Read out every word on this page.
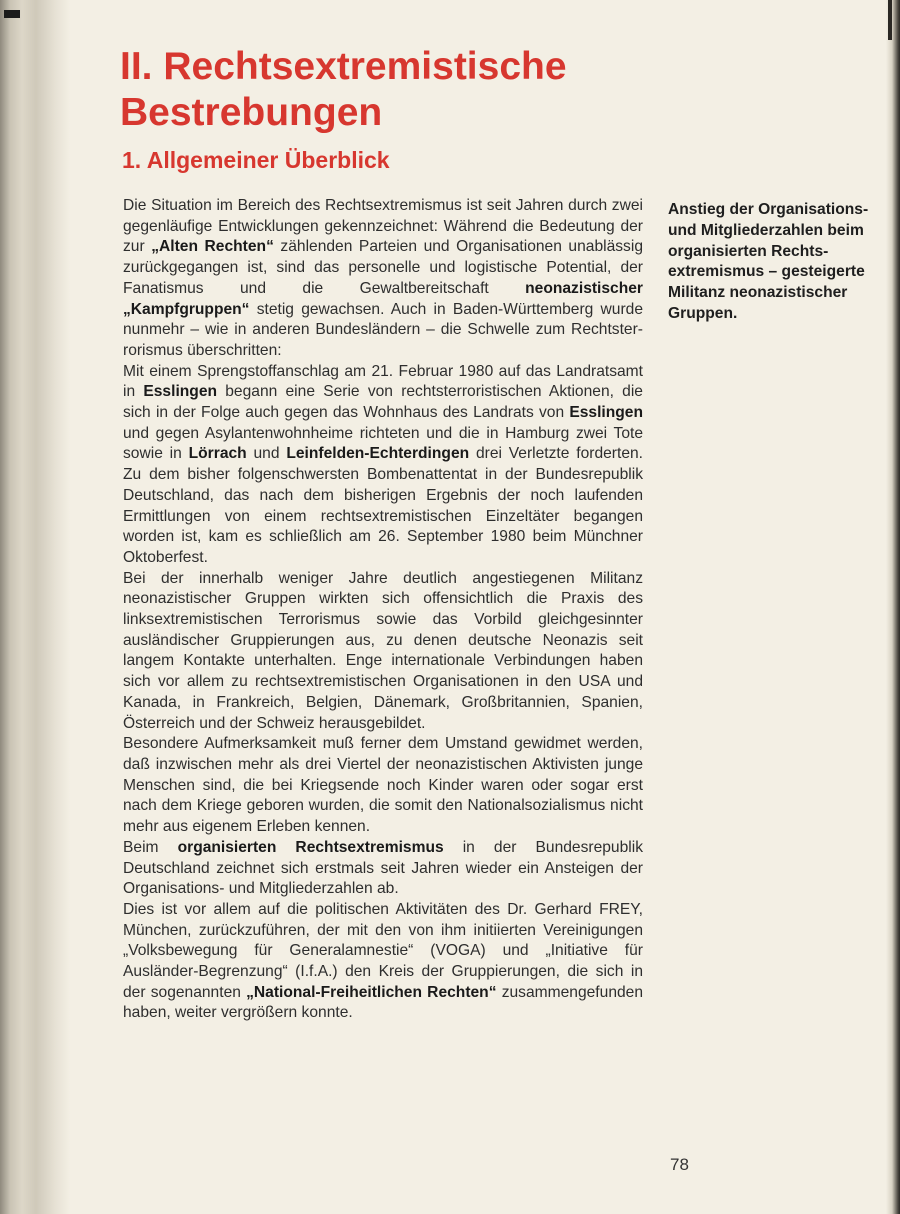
II. Rechtsextremistische
Bestrebungen
1. Allgemeiner Überblick

Die Situation im Bereich des Rechtsextremismus ist seit Jahren durch zwei gegenläufige Entwicklungen gekennzeichnet: Während die Bedeutung der zur „Alten Rechten“ zählenden Parteien und Organisationen unablässig zurückgegangen ist, sind das personelle und logistische Potential, der Fanatismus und die Gewaltbereitschaft neonazistischer „Kampfgruppen“ stetig gewachsen. Auch in Baden-Württemberg wurde nunmehr – wie in anderen Bundesländern – die Schwelle zum Rechtsterrorismus überschritten:

Mit einem Sprengstoffanschlag am 21. Februar 1980 auf das Landratsamt in Esslingen begann eine Serie von rechtsterroristischen Aktionen, die sich in der Folge auch gegen das Wohnhaus des Landrats von Esslingen und gegen Asylantenwohnheime richteten und die in Hamburg zwei Tote sowie in Lörrach und Leinfelden-Echterdingen drei Verletzte forderten. Zu dem bisher folgenschwersten Bombenattentat in der Bundesrepublik Deutschland, das nach dem bisherigen Ergebnis der noch laufenden Ermittlungen von einem rechtsextremistischen Einzeltäter begangen worden ist, kam es schließlich am 26. September 1980 beim Münchner Oktoberfest.

Bei der innerhalb weniger Jahre deutlich angestiegenen Militanz neonazistischer Gruppen wirkten sich offensichtlich die Praxis des linksextremistischen Terrorismus sowie das Vorbild gleichgesinnter ausländischer Gruppierungen aus, zu denen deutsche Neonazis seit langem Kontakte unterhalten. Enge internationale Verbindungen haben sich vor allem zu rechtsextremistischen Organisationen in den USA und Kanada, in Frankreich, Belgien, Dänemark, Großbritannien, Spanien, Österreich und der Schweiz herausgebildet.

Besondere Aufmerksamkeit muß ferner dem Umstand gewidmet werden, daß inzwischen mehr als drei Viertel der neonazistischen Aktivisten junge Menschen sind, die bei Kriegsende noch Kinder waren oder sogar erst nach dem Kriege geboren wurden, die somit den Nationalsozialismus nicht mehr aus eigenem Erleben kennen.

Beim organisierten Rechtsextremismus in der Bundesrepublik Deutschland zeichnet sich erstmals seit Jahren wieder ein Ansteigen der Organisations- und Mitgliederzahlen ab.

Dies ist vor allem auf die politischen Aktivitäten des Dr. Gerhard FREY, München, zurückzuführen, der mit den von ihm initiierten Vereinigungen „Volksbewegung für Generalamnestie“ (VOGA) und „Initiative für Ausländer-Begrenzung“ (I.f.A.) den Kreis der Gruppierungen, die sich in der sogenannten „National-Freiheitlichen Rechten“ zusammengefunden haben, weiter vergrößern konnte.

Anstieg der Organisations- und Mitgliederzahlen beim organisierten Rechtsextremismus – gesteigerte Militanz neonazistischer Gruppen.

78
